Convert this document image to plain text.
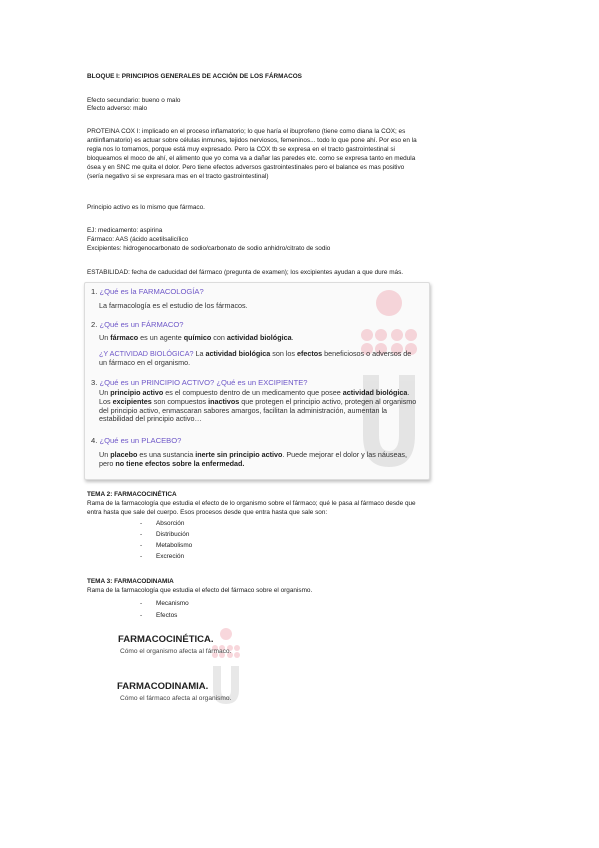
BLOQUE I: PRINCIPIOS GENERALES DE ACCIÓN DE LOS FÁRMACOS
Efecto secundario: bueno o malo
Efecto adverso: malo
PROTEINA COX I: implicado en el proceso inflamatorio; lo que haría el ibuprofeno (tiene como diana la COX; es
antiinflamatorio) es actuar sobre células inmunes, tejidos nerviosos, femeninos... todo lo que pone ahí. Por eso en la
regla nos lo tomamos, porque está muy expresado. Pero la COX tb se expresa en el tracto gastrointestinal si
bloqueamos el moco de ahí, el alimento que yo coma va a dañar las paredes etc. como se expresa tanto en medula
ósea y en SNC me quita el dolor. Pero tiene efectos adversos gastrointestinales pero el balance es mas positivo
(sería negativo si se expresara mas en el tracto gastrointestinal)
Principio activo es lo mismo que fármaco.
EJ: medicamento: aspirina
Fármaco: AAS (ácido acetilsalicílico
Excipientes: hidrogenocarbonato de sodio/carbonato de sodio anhidro/citrato de sodio
ESTABILIDAD: fecha de caducidad del fármaco (pregunta de examen); los excipientes ayudan a que dure más.
1. ¿Qué es la FARMACOLOGÍA?
La farmacología es el estudio de los fármacos.
2. ¿Qué es un FÁRMACO?
Un fármaco es un agente químico con actividad biológica.
¿Y ACTIVIDAD BIOLÓGICA? La actividad biológica son los efectos beneficiosos o adversos de un fármaco en el organismo.
3. ¿Qué es un PRINCIPIO ACTIVO? ¿Qué es un EXCIPIENTE?
Un principio activo es el compuesto dentro de un medicamento que posee actividad biológica. Los excipientes son compuestos inactivos que protegen el principio activo, protegen al organismo del principio activo, enmascaran sabores amargos, facilitan la administración, aumentan la estabilidad del principio activo…
4. ¿Qué es un PLACEBO?
Un placebo es una sustancia inerte sin principio activo. Puede mejorar el dolor y las náuseas, pero no tiene efectos sobre la enfermedad.
TEMA 2: FARMACOCINÉTICA
Rama de la farmacología que estudia el efecto de lo organismo sobre el fármaco; qué le pasa al fármaco desde que
entra hasta que sale del cuerpo. Esos procesos desde que entra hasta que sale son:
- Absorción
- Distribución
- Metabolismo
- Excreción
TEMA 3: FARMACODINAMIA
Rama de la farmacología que estudia el efecto del fármaco sobre el organismo.
- Mecanismo
- Efectos
FARMACOCINÉTICA.
Cómo el organismo afecta al fármaco.
FARMACODINAMIA.
Cómo el fármaco afecta al organismo.
